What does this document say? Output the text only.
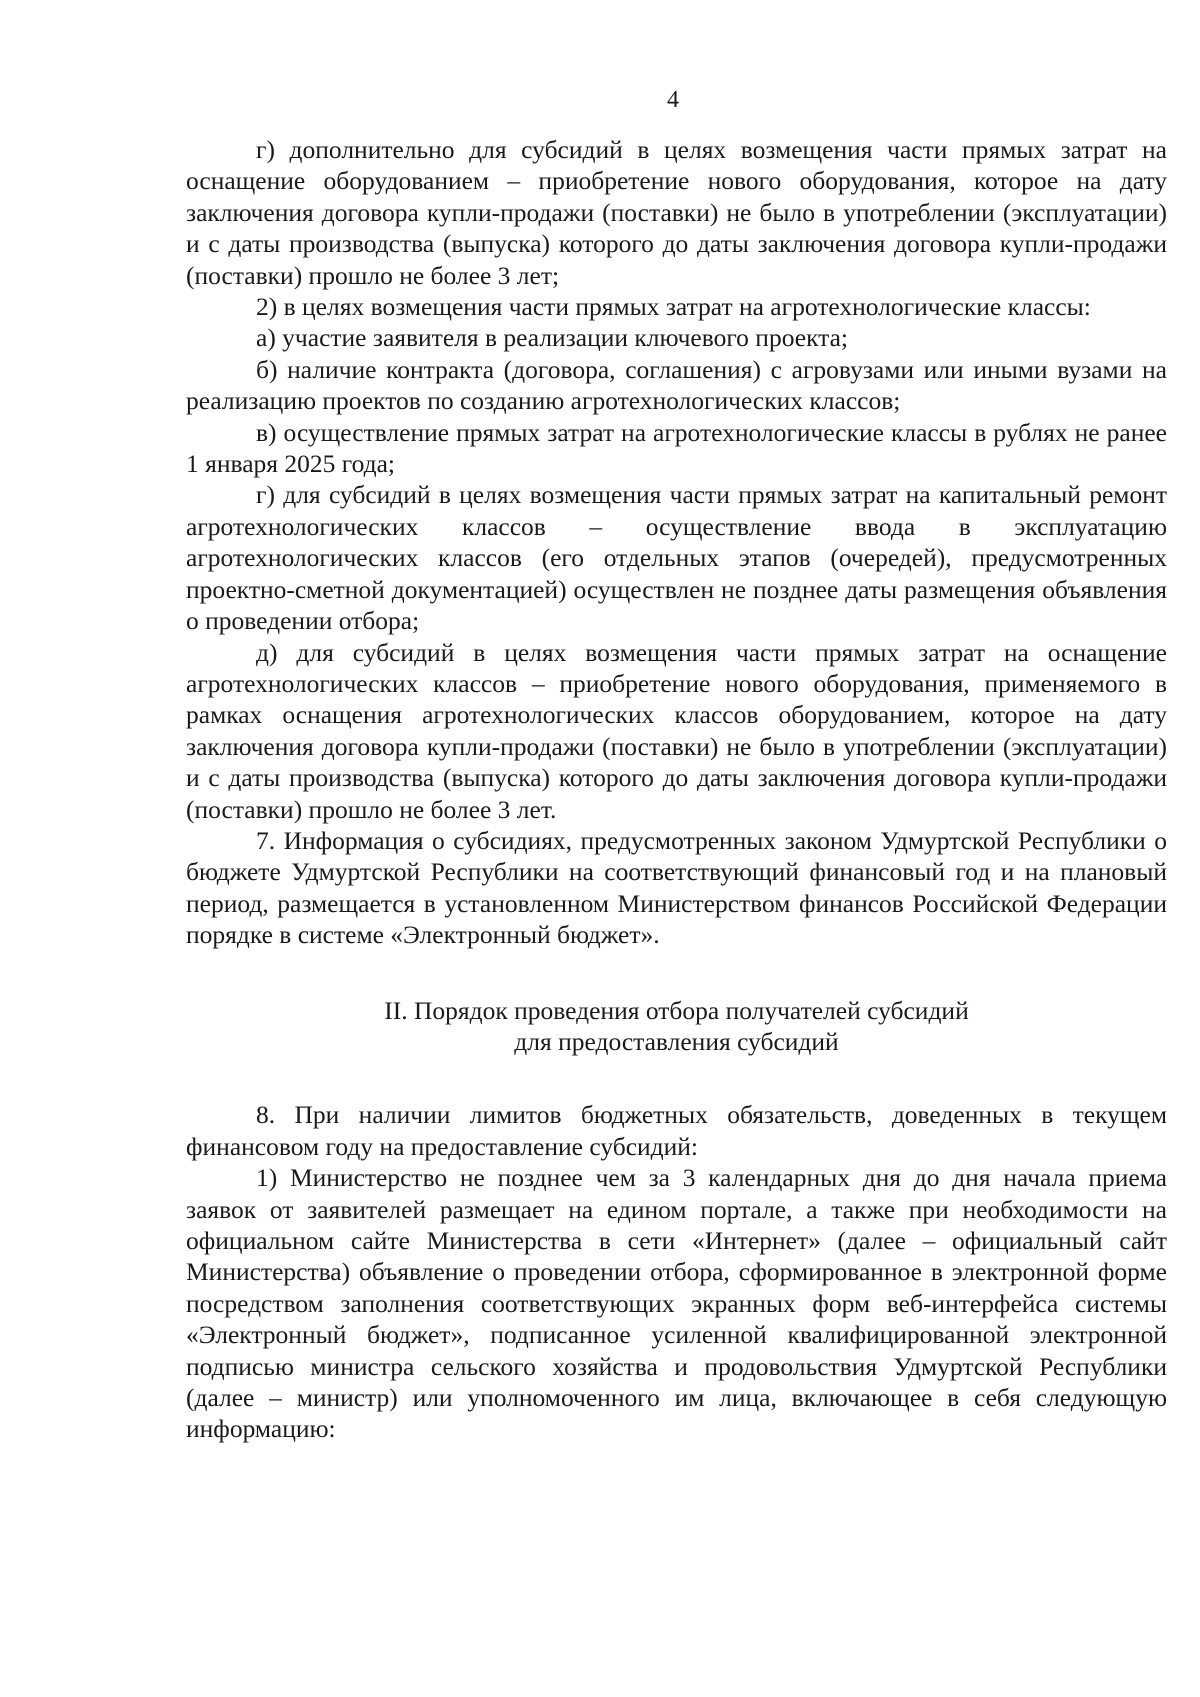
4

г) дополнительно для субсидий в целях возмещения части прямых затрат на оснащение оборудованием – приобретение нового оборудования, которое на дату заключения договора купли-продажи (поставки) не было в употреблении (эксплуатации) и с даты производства (выпуска) которого до даты заключения договора купли-продажи (поставки) прошло не более 3 лет;

2) в целях возмещения части прямых затрат на агротехнологические классы:

а) участие заявителя в реализации ключевого проекта;

б) наличие контракта (договора, соглашения) с агровузами или иными вузами на реализацию проектов по созданию агротехнологических классов;

в) осуществление прямых затрат на агротехнологические классы в рублях не ранее 1 января 2025 года;

г) для субсидий в целях возмещения части прямых затрат на капитальный ремонт агротехнологических классов – осуществление ввода в эксплуатацию агротехнологических классов (его отдельных этапов (очередей), предусмотренных проектно-сметной документацией) осуществлен не позднее даты размещения объявления о проведении отбора;

д) для субсидий в целях возмещения части прямых затрат на оснащение агротехнологических классов – приобретение нового оборудования, применяемого в рамках оснащения агротехнологических классов оборудованием, которое на дату заключения договора купли-продажи (поставки) не было в употреблении (эксплуатации) и с даты производства (выпуска) которого до даты заключения договора купли-продажи (поставки) прошло не более 3 лет.

7. Информация о субсидиях, предусмотренных законом Удмуртской Республики о бюджете Удмуртской Республики на соответствующий финансовый год и на плановый период, размещается в установленном Министерством финансов Российской Федерации порядке в системе «Электронный бюджет».

II. Порядок проведения отбора получателей субсидий
для предоставления субсидий

8. При наличии лимитов бюджетных обязательств, доведенных в текущем финансовом году на предоставление субсидий:

1) Министерство не позднее чем за 3 календарных дня до дня начала приема заявок от заявителей размещает на едином портале, а также при необходимости на официальном сайте Министерства в сети «Интернет» (далее – официальный сайт Министерства) объявление о проведении отбора, сформированное в электронной форме посредством заполнения соответствующих экранных форм веб-интерфейса системы «Электронный бюджет», подписанное усиленной квалифицированной электронной подписью министра сельского хозяйства и продовольствия Удмуртской Республики (далее – министр) или уполномоченного им лица, включающее в себя следующую информацию:
